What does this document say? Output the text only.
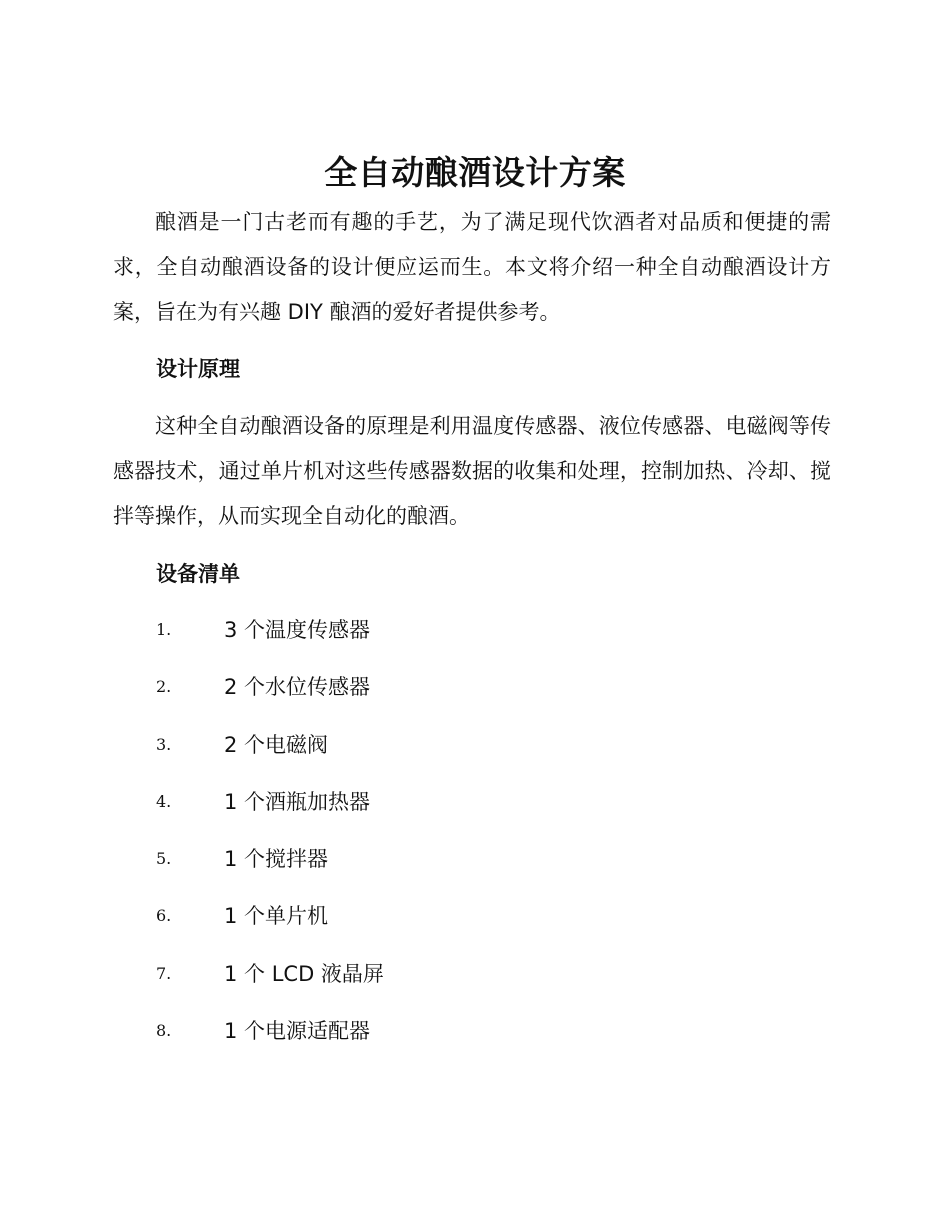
全自动酿酒设计方案

酿酒是一门古老而有趣的手艺，为了满足现代饮酒者对品质和便捷的需求，全自动酿酒设备的设计便应运而生。本文将介绍一种全自动酿酒设计方案，旨在为有兴趣 DIY 酿酒的爱好者提供参考。

设计原理

这种全自动酿酒设备的原理是利用温度传感器、液位传感器、电磁阀等传感器技术，通过单片机对这些传感器数据的收集和处理，控制加热、冷却、搅拌等操作，从而实现全自动化的酿酒。

设备清单
1.	3 个温度传感器
2.	2 个水位传感器
3.	2 个电磁阀
4.	1 个酒瓶加热器
5.	1 个搅拌器
6.	1 个单片机
7.	1 个 LCD 液晶屏
8.	1 个电源适配器
